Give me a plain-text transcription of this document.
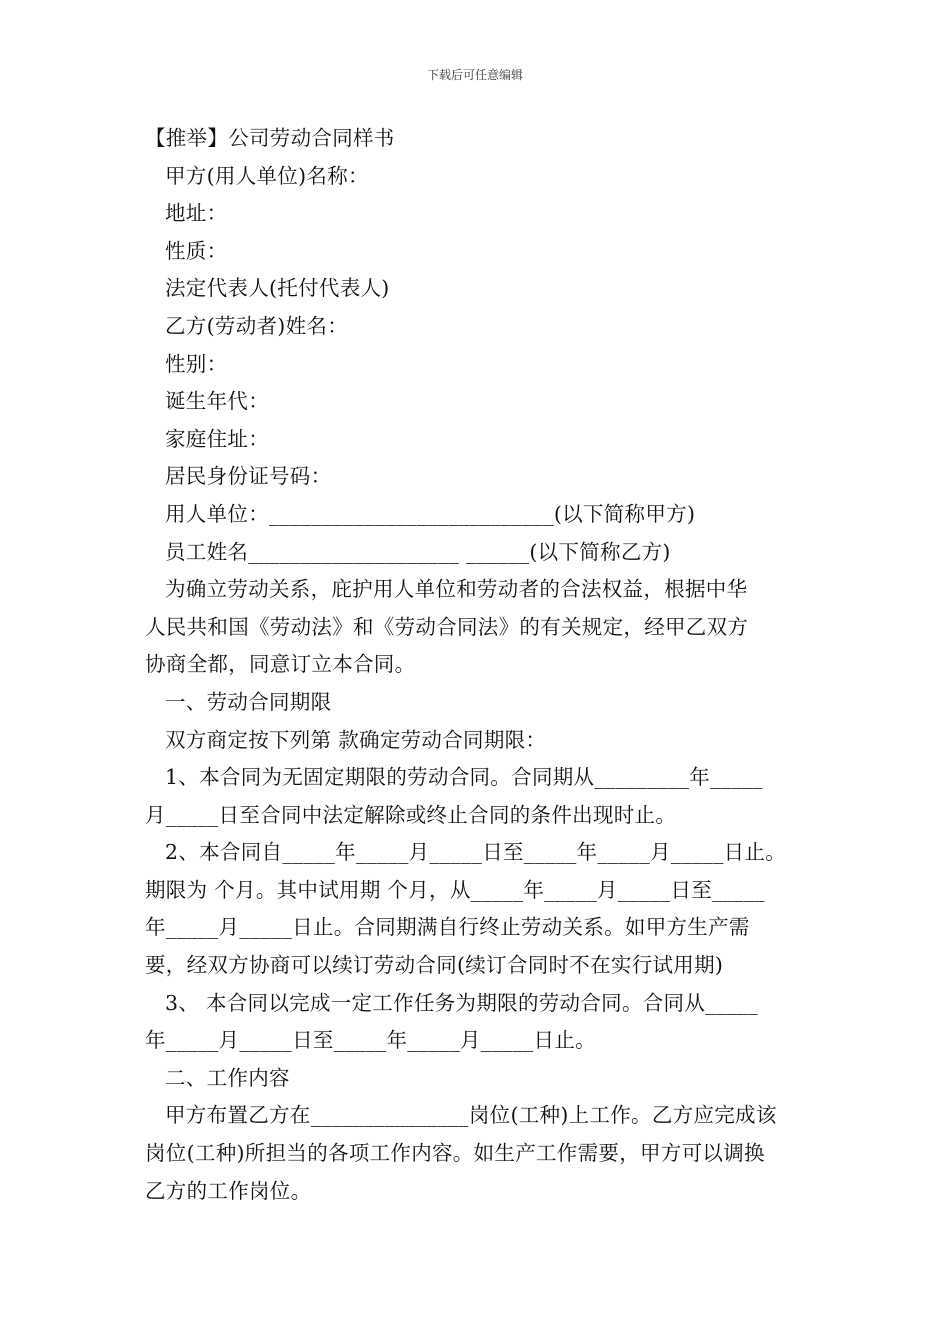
下载后可任意编辑
【推举】公司劳动合同样书
甲方(用人单位)名称：
地址：
性质：
法定代表人(托付代表人)
乙方(劳动者)姓名：
性别：
诞生年代：
家庭住址：
居民身份证号码：
用人单位：___________________________(以下简称甲方)
员工姓名____________________ ______(以下简称乙方)
为确立劳动关系，庇护用人单位和劳动者的合法权益，根据中华
人民共和国《劳动法》和《劳动合同法》的有关规定，经甲乙双方
协商全都，同意订立本合同。
一、劳动合同期限
双方商定按下列第 款确定劳动合同期限：
1、本合同为无固定期限的劳动合同。合同期从_________年_____
月_____日至合同中法定解除或终止合同的条件出现时止。
2、本合同自_____年_____月_____日至_____年_____月_____日止。
期限为 个月。其中试用期 个月，从_____年_____月_____日至_____
年_____月_____日止。合同期满自行终止劳动关系。如甲方生产需
要，经双方协商可以续订劳动合同(续订合同时不在实行试用期)
3、 本合同以完成一定工作任务为期限的劳动合同。合同从_____
年_____月_____日至_____年_____月_____日止。
二、工作内容
甲方布置乙方在_______________岗位(工种)上工作。乙方应完成该
岗位(工种)所担当的各项工作内容。如生产工作需要，甲方可以调换
乙方的工作岗位。
